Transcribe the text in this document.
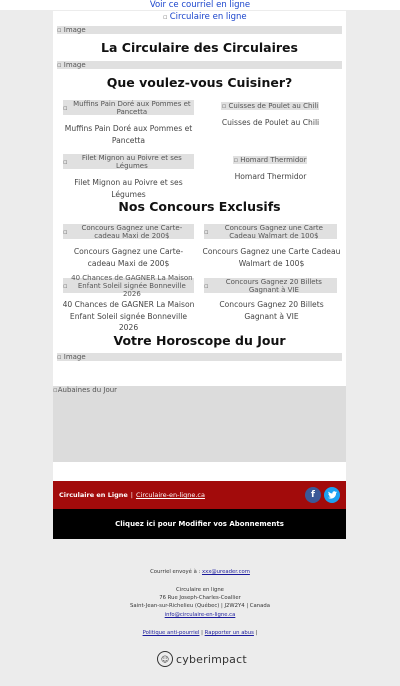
Voir ce courriel en ligne
▫ Circulaire en ligne
▫ Image
La Circulaire des Circulaires
▫ Image
Que voulez-vous Cuisiner?
▫ Muffins Pain Doré aux Pommes et Pancetta
Muffins Pain Doré aux Pommes et Pancetta
▫ Cuisses de Poulet au Chili
Cuisses de Poulet au Chili
▫	Filet Mignon au Poivre et ses Légumes
Filet Mignon au Poivre et ses Légumes
▫ Homard Thermidor
Homard Thermidor
Nos Concours Exclusifs
▫	Concours Gagnez une Carte-cadeau Maxi de 200$
Concours Gagnez une Carte-cadeau Maxi de 200$
▫	Concours Gagnez une Carte Cadeau Walmart de 100$
Concours Gagnez une Carte Cadeau Walmart de 100$
▫
40 Chances de GAGNER La Maison Enfant Soleil signée Bonneville 2026
40 Chances de GAGNER La Maison Enfant Soleil signée Bonneville 2026
▫	Concours Gagnez 20 Billets Gagnant à VIE
Concours Gagnez 20 Billets Gagnant à VIE
Votre Horoscope du Jour
▫ Image
▫Aubaines du Jour
Circulaire en Ligne | Circulaire-en-ligne.ca	f
Cliquez ici pour Modifier vos Abonnements
Courriel envoyé à : xxx@ureader.com
Circulaire en ligne
76 Rue Joseph-Charles-Coallier
Saint-Jean-sur-Richelieu (Québec) | J2W2Y4 | Canada
info@circulaire-en-ligne.ca
Politique anti-pourriel | Rapporter un abus |
☺ cyberimpact
